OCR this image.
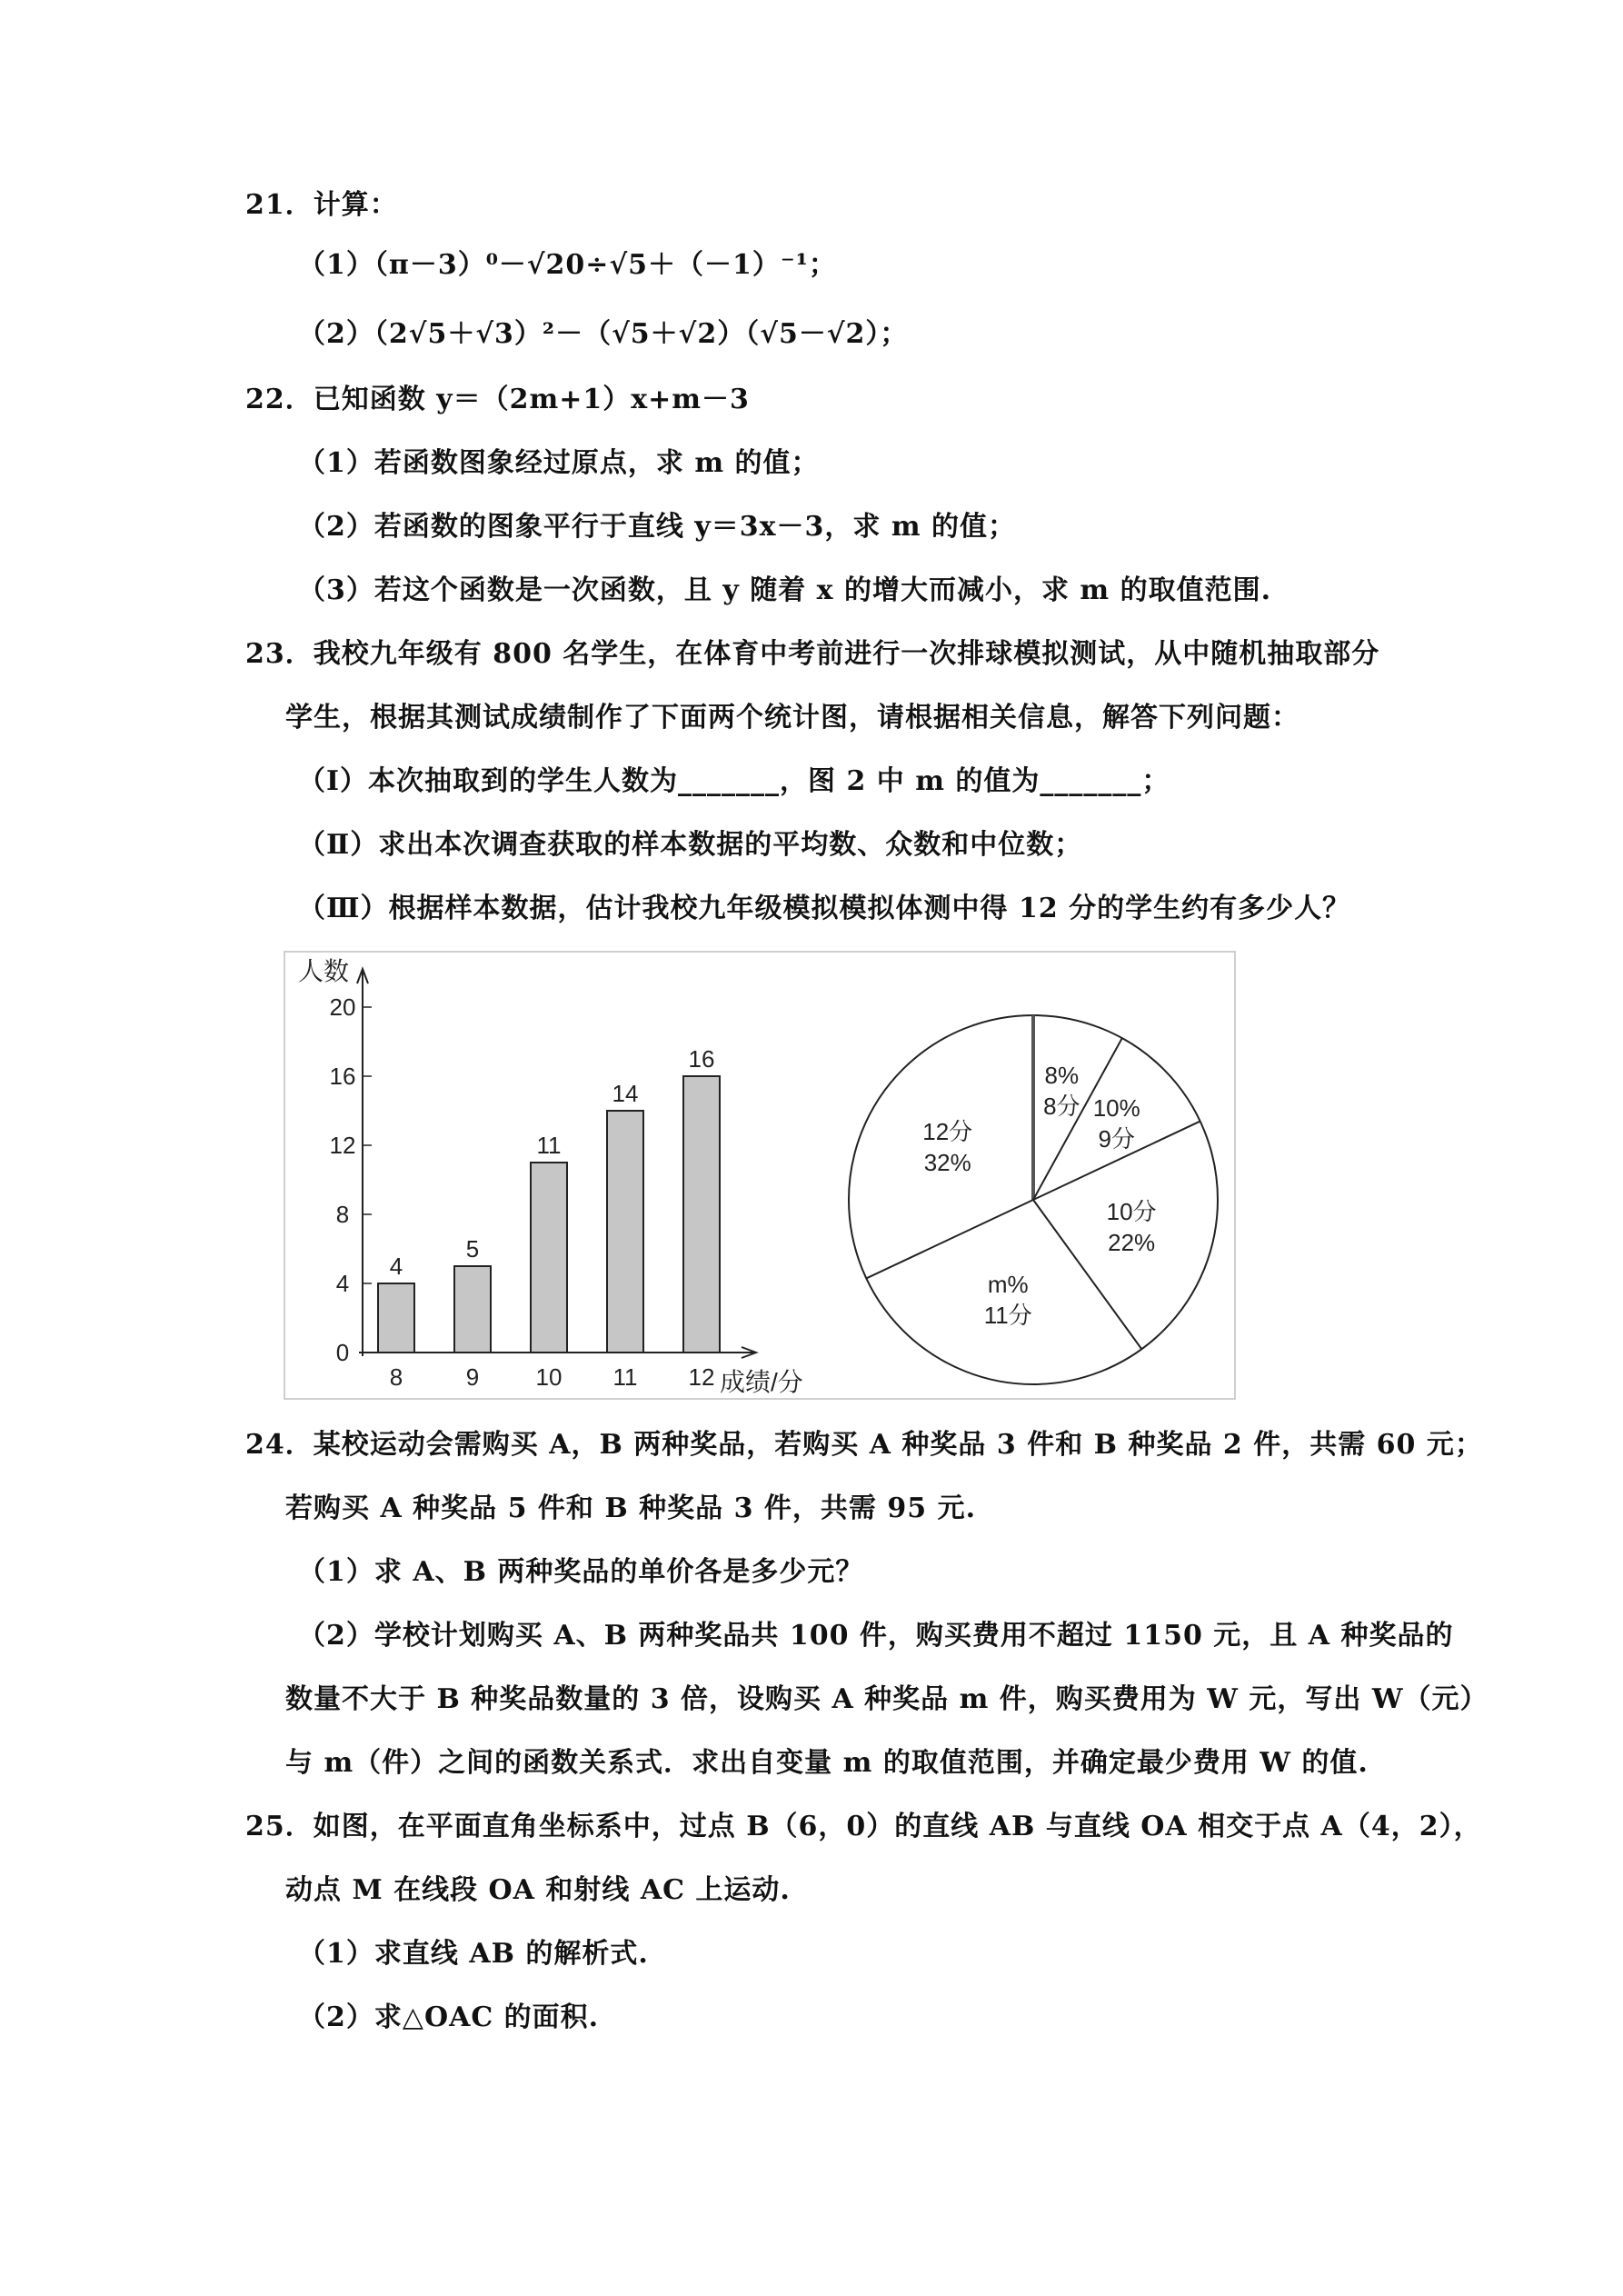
21．计算：
（1）（π－3）⁰－√20÷√5＋（－1）⁻¹；
（2）（2√5＋√3）²－（√5＋√2）（√5－√2）；
22．已知函数 y＝（2m+1）x+m－3
（1）若函数图象经过原点，求 m 的值；
（2）若函数的图象平行于直线 y＝3x－3，求 m 的值；
（3）若这个函数是一次函数，且 y 随着 x 的增大而减小，求 m 的取值范围.
23．我校九年级有 800 名学生，在体育中考前进行一次排球模拟测试，从中随机抽取部分
学生，根据其测试成绩制作了下面两个统计图，请根据相关信息，解答下列问题：
（Ⅰ）本次抽取到的学生人数为_______，图 2 中 m 的值为_______；
（Ⅱ）求出本次调查获取的样本数据的平均数、众数和中位数；
（Ⅲ）根据样本数据，估计我校九年级模拟模拟体测中得 12 分的学生约有多少人？
人数
0
4
8
12
16
20
4
8
5
9
11
10
14
11
16
12 成绩/分
8%
8分 10%
9分
10分
22%
m%
11分
12分
32%
24．某校运动会需购买 A，B 两种奖品，若购买 A 种奖品 3 件和 B 种奖品 2 件，共需 60 元；
若购买 A 种奖品 5 件和 B 种奖品 3 件，共需 95 元.
（1）求 A、B 两种奖品的单价各是多少元？
（2）学校计划购买 A、B 两种奖品共 100 件，购买费用不超过 1150 元，且 A 种奖品的
数量不大于 B 种奖品数量的 3 倍，设购买 A 种奖品 m 件，购买费用为 W 元，写出 W（元）
与 m（件）之间的函数关系式．求出自变量 m 的取值范围，并确定最少费用 W 的值.
25．如图，在平面直角坐标系中，过点 B（6，0）的直线 AB 与直线 OA 相交于点 A（4，2），
动点 M 在线段 OA 和射线 AC 上运动.
（1）求直线 AB 的解析式.
（2）求△OAC 的面积.
